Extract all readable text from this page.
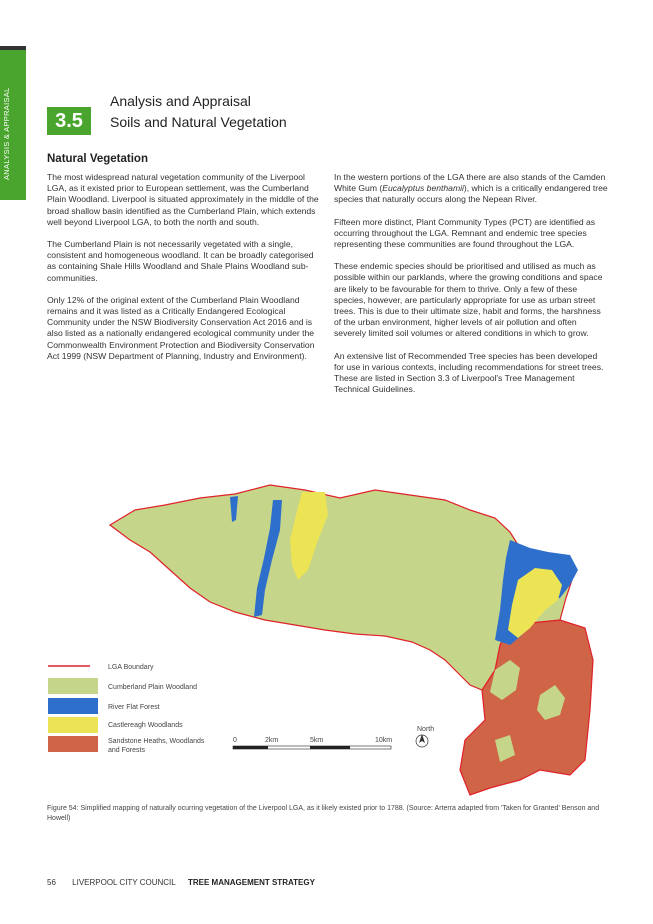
ANALYSIS & APPRAISAL	3.5
Analysis and Appraisal
Soils and Natural Vegetation
Natural Vegetation

The most widespread natural vegetation community of the Liverpool LGA, as it existed prior to European settlement, was the Cumberland Plain Woodland. Liverpool is situated approximately in the middle of the broad shallow basin identified as the Cumberland Plain, which extends well beyond Liverpool LGA, to both the north and south.

The Cumberland Plain is not necessarily vegetated with a single, consistent and homogeneous woodland. It can be broadly categorised as containing Shale Hills Woodland and Shale Plains Woodland sub-communities.

Only 12% of the original extent of the Cumberland Plain Woodland remains and it was listed as a Critically Endangered Ecological Community under the NSW Biodiversity Conservation Act 2016 and is also listed as a nationally endangered ecological community under the Commonwealth Environment Protection and Biodiversity Conservation Act 1999 (NSW Department of Planning, Industry and Environment).

In the western portions of the LGA there are also stands of the Camden White Gum (Eucalyptus benthamii), which is a critically endangered tree species that naturally occurs along the Nepean River.

Fifteen more distinct, Plant Community Types (PCT) are identified as occurring throughout the LGA. Remnant and endemic tree species representing these communities are found throughout the LGA.

These endemic species should be prioritised and utilised as much as possible within our parklands, where the growing conditions and space are likely to be favourable for them to thrive. Only a few of these species, however, are particularly appropriate for use as urban street trees. This is due to their ultimate size, habit and forms, the harshness of the urban environment, higher levels of air pollution and often severely limited soil volumes or altered conditions in which to grow.

An extensive list of Recommended Tree species has been developed for use in various contexts, including recommendations for street trees. These are listed in Section 3.3 of Liverpool's Tree Management Technical Guidelines.

LGA Boundary
Cumberland Plain Woodland
River Flat Forest
Castlereagh Woodlands
Sandstone Heaths, Woodlands
and Forests
0	2km	5km	10km
North
Figure 54: Simplified mapping of naturally ocurring vegetation of the Liverpool LGA, as it likely existed prior to 1788. (Source: Arterra adapted from 'Taken for Granted' Benson and Howell)
56 LIVERPOOL CITY COUNCIL TREE MANAGEMENT STRATEGY
